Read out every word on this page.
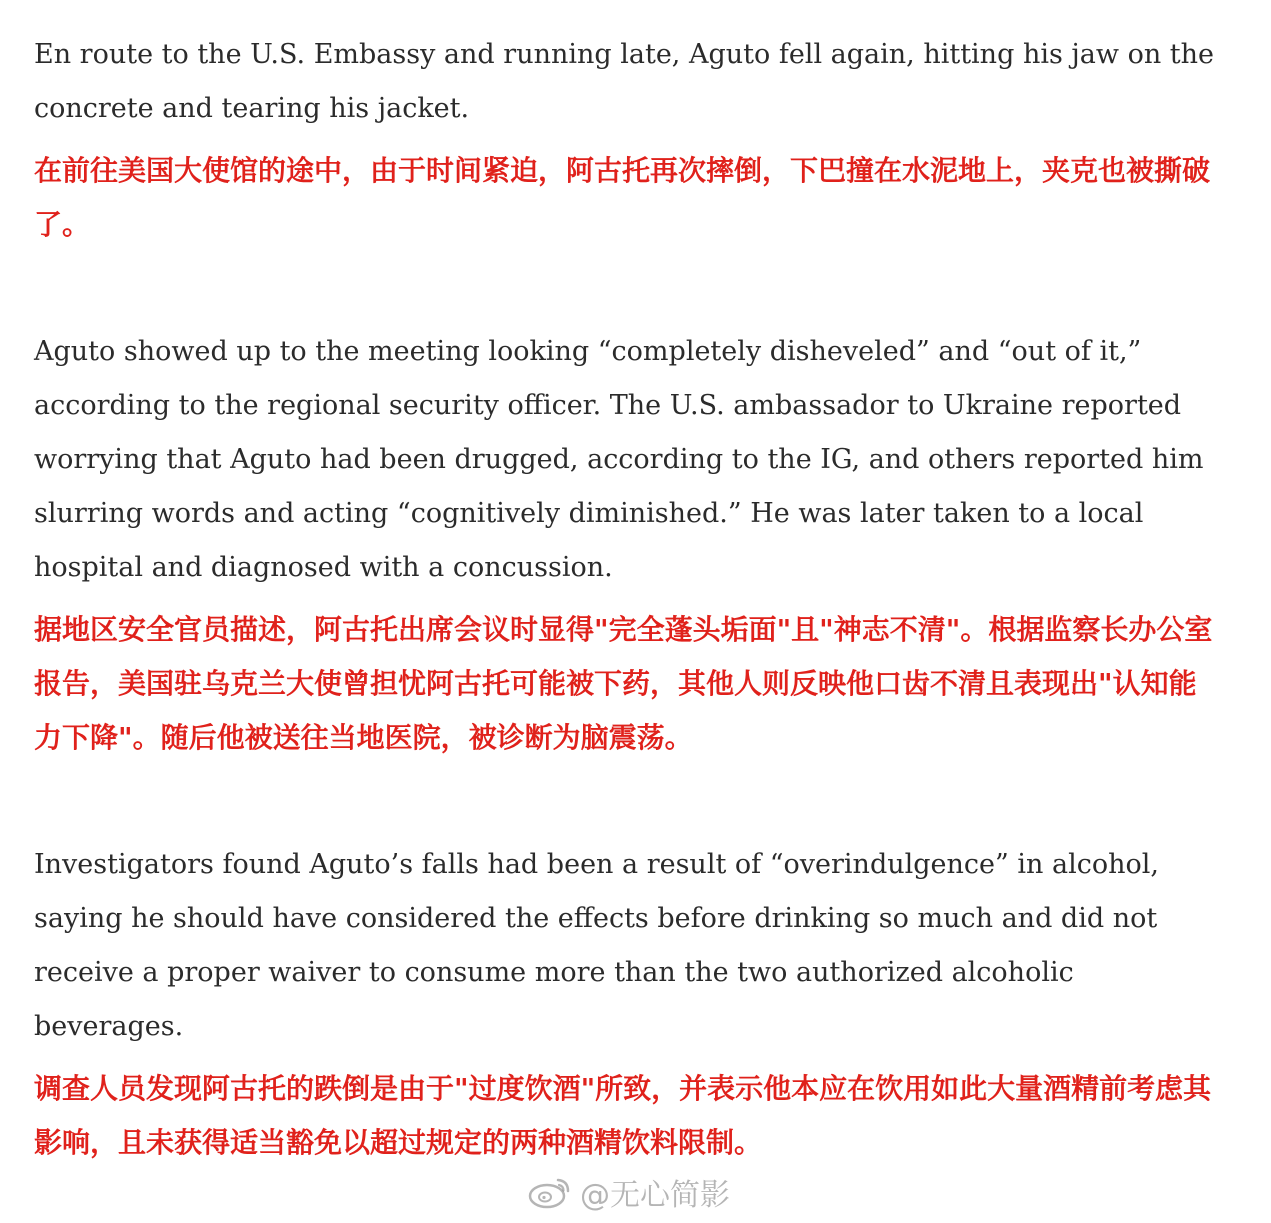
En route to the U.S. Embassy and running late, Aguto fell again, hitting his jaw on the concrete and tearing his jacket.

在前往美国大使馆的途中，由于时间紧迫，阿古托再次摔倒，下巴撞在水泥地上，夹克也被撕破了。

Aguto showed up to the meeting looking “completely disheveled” and “out of it,” according to the regional security officer. The U.S. ambassador to Ukraine reported worrying that Aguto had been drugged, according to the IG, and others reported him slurring words and acting “cognitively diminished.” He was later taken to a local hospital and diagnosed with a concussion.

据地区安全官员描述，阿古托出席会议时显得"完全蓬头垢面"且"神志不清"。根据监察长办公室报告，美国驻乌克兰大使曾担忧阿古托可能被下药，其他人则反映他口齿不清且表现出"认知能力下降"。随后他被送往当地医院，被诊断为脑震荡。

Investigators found Aguto’s falls had been a result of “overindulgence” in alcohol, saying he should have considered the effects before drinking so much and did not receive a proper waiver to consume more than the two authorized alcoholic beverages.

调查人员发现阿古托的跌倒是由于"过度饮酒"所致，并表示他本应在饮用如此大量酒精前考虑其影响，且未获得适当豁免以超过规定的两种酒精饮料限制。

@无心简影
